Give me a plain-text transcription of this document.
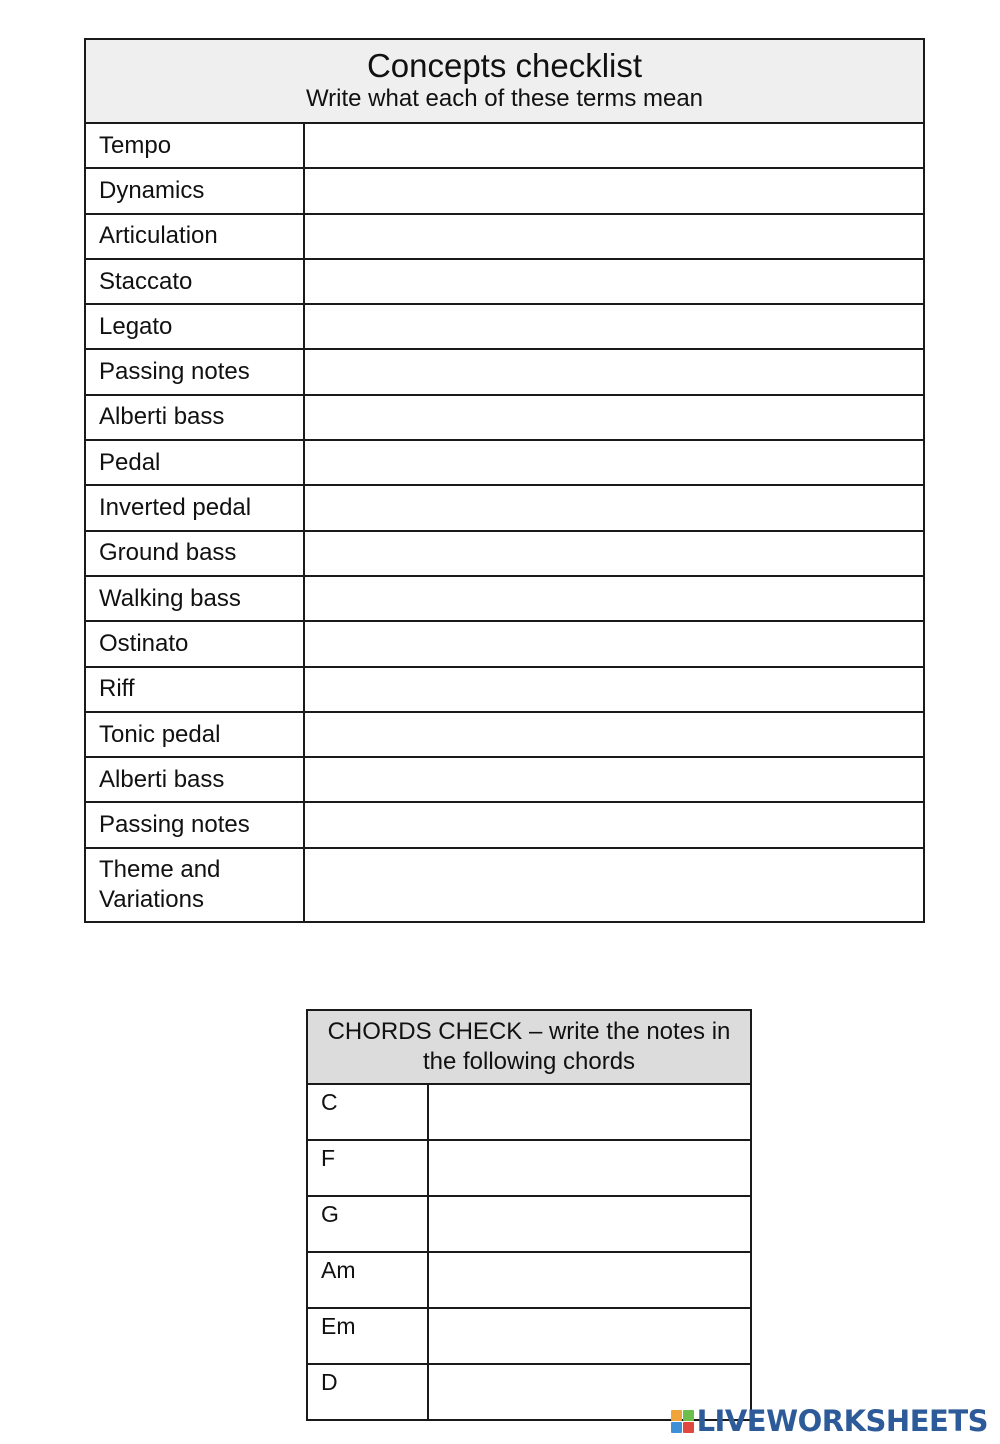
Concepts checklist
Write what each of these terms mean	

Tempo	
Dynamics	
Articulation	
Staccato	
Legato	
Passing notes	
Alberti bass	
Pedal	
Inverted pedal	
Ground bass	
Walking bass	
Ostinato	
Riff	
Tonic pedal	
Alberti bass	
Passing notes	
Theme and Variations	
CHORDS CHECK – write the notes in the following chords	
C	
F	
G	
Am	
Em	
D	
LIVEWORKSHEETS
